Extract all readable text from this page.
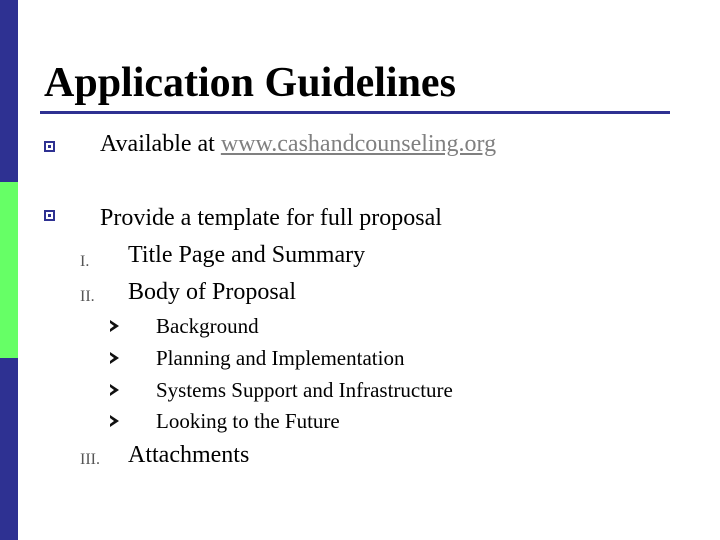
Application Guidelines
Available at www.cashandcounseling.org
Provide a template for full proposal
I. Title Page and Summary
II. Body of Proposal
Background
Planning and Implementation
Systems Support and Infrastructure
Looking to the Future
III. Attachments
